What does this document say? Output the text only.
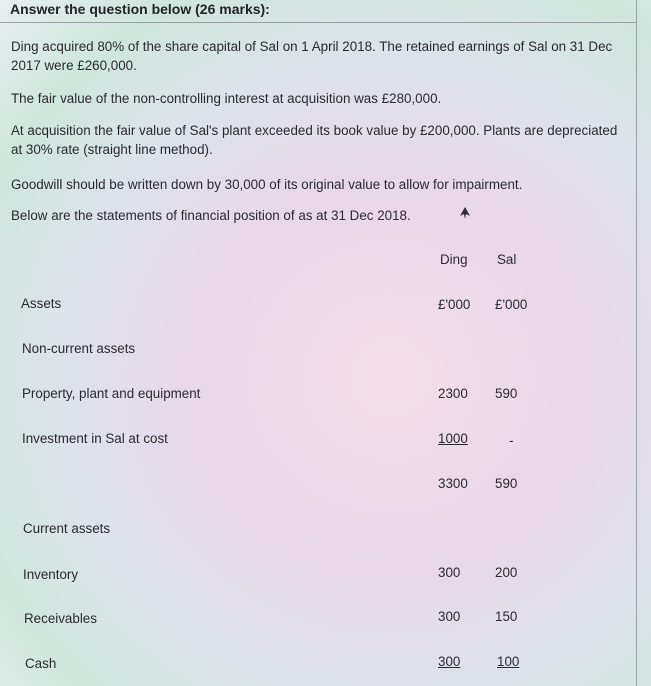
Answer the question below (26 marks):
Ding acquired 80% of the share capital of Sal on 1 April 2018. The retained earnings of Sal on 31 Dec 2017 were £260,000.
The fair value of the non-controlling interest at acquisition was £280,000.
At acquisition the fair value of Sal's plant exceeded its book value by £200,000. Plants are depreciated at 30% rate (straight line method).
Goodwill should be written down by 30,000 of its original value to allow for impairment.
Below are the statements of financial position of as at 31 Dec 2018.
Ding Sal
Assets	£'000 £'000
Non-current assets
Property, plant and equipment	2300 590
Investment in Sal at cost	1000	-
3300 590
Current assets
Inventory	300	200
Receivables	300	150
Cash	300	100
